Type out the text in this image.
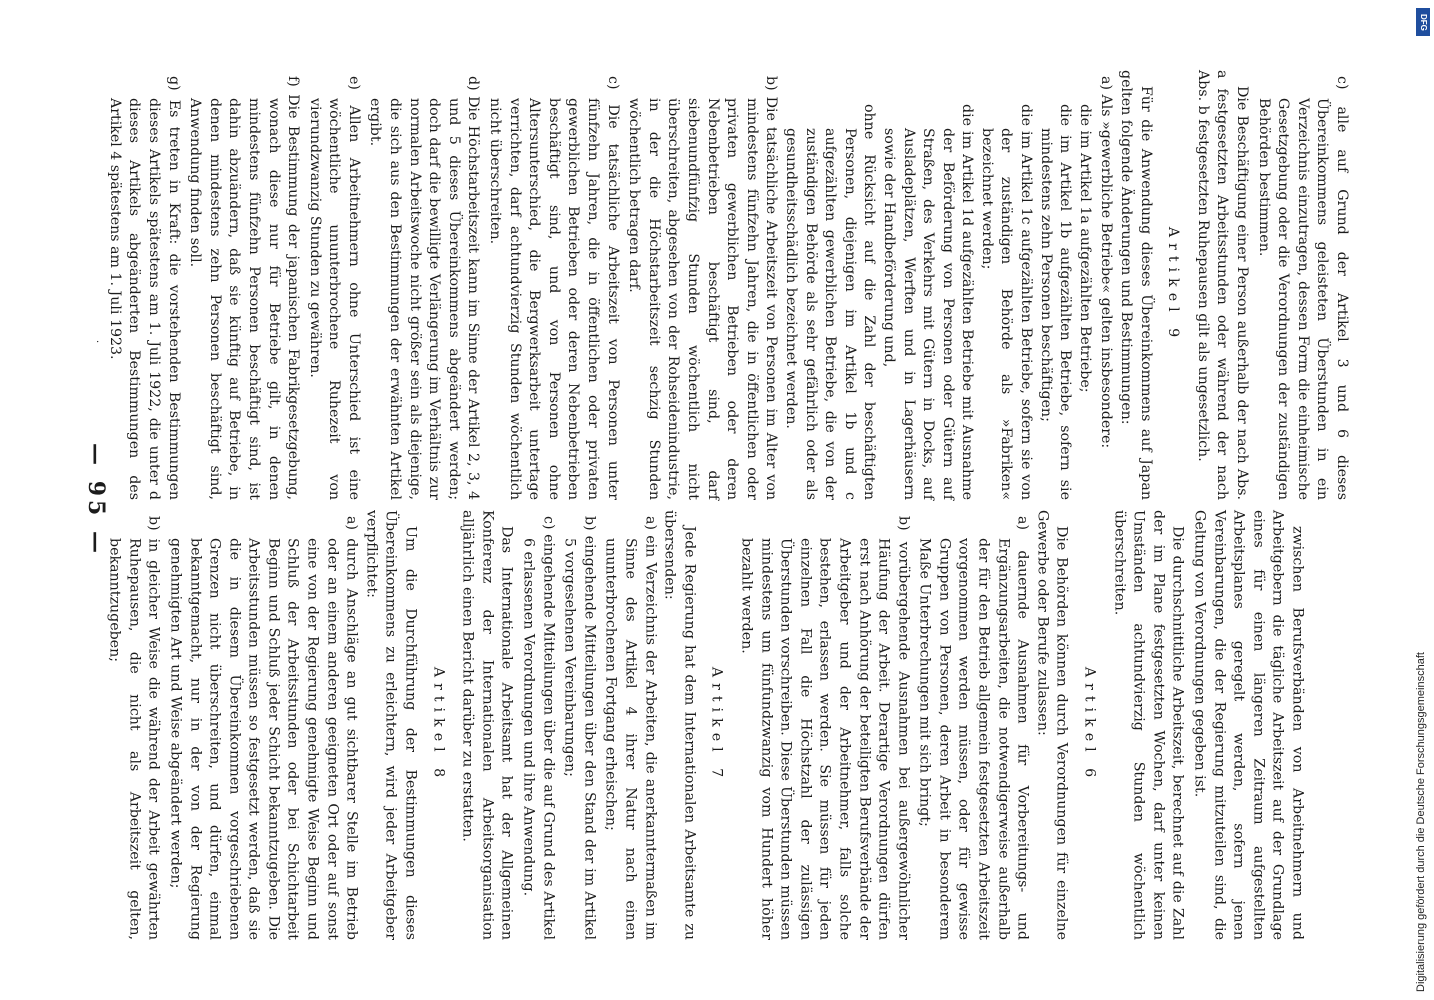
— 95 —
·

zwischen Berufsverbänden von Arbeitnehmern und Arbeitgebern die tägliche Arbeitszeit auf der Grundlage eines für einen längeren Zeitraum aufgestellten Arbeitsplanes geregelt werden, sofern jenen Vereinbarungen, die der Regierung mitzuteilen sind, die Geltung von Verordnungen gegeben ist.

Die durchschnittliche Arbeitszeit, berechnet auf die Zahl der im Plane festgesetzten Wochen, darf unter keinen Umständen achtundvierzig Stunden wöchentlich überschreiten.

Artikel 6

Die Behörden können durch Verordnungen für einzelne Gewerbe oder Berufe zulassen:

a) dauernde Ausnahmen für Vorbereitungs- und Ergänzungsarbeiten, die notwendigerweise außerhalb der für den Betrieb allgemein festgesetzten Arbeitszeit vorgenommen werden müssen, oder für gewisse Gruppen von Personen, deren Arbeit in besonderem Maße Unterbrechungen mit sich bringt;
b) vorübergehende Ausnahmen bei außergewöhnlicher Häufung der Arbeit. Derartige Verordnungen dürfen erst nach Anhörung der beteiligten Berufsverbände der Arbeitgeber und der Arbeitnehmer, falls solche bestehen, erlassen werden. Sie müssen für jeden einzelnen Fall die Höchstzahl der zulässigen Überstunden vorschreiben. Diese Überstunden müssen mindestens um fünfundzwanzig vom Hundert höher bezahlt werden.
Artikel 7

Jede Regierung hat dem Internationalen Arbeitsamte zu übersenden:

a) ein Verzeichnis der Arbeiten, die anerkanntermaßen im Sinne des Artikel 4 ihrer Natur nach einen ununterbrochenen Fortgang erheischen;
b) eingehende Mitteilungen über den Stand der im Artikel 5 vorgesehenen Vereinbarungen;
c) eingehende Mitteilungen über die auf Grund des Artikel 6 erlassenen Verordnungen und ihre Anwendung.

Das Internationale Arbeitsamt hat der Allgemeinen Konferenz der Internationalen Arbeitsorganisation alljährlich einen Bericht darüber zu erstatten.

Artikel 8

Um die Durchführung der Bestimmungen dieses Übereinkommens zu erleichtern, wird jeder Arbeitgeber verpflichtet:

a) durch Anschläge an gut sichtbarer Stelle im Betrieb oder an einem anderen geeigneten Ort oder auf sonst eine von der Regierung genehmigte Weise Beginn und Schluß der Arbeitsstunden oder bei Schichtarbeit Beginn und Schluß jeder Schicht bekanntzugeben. Die Arbeitsstunden müssen so festgesetzt werden, daß sie die in diesem Übereinkommen vorgeschriebenen Grenzen nicht überschreiten, und dürfen, einmal bekanntgemacht, nur in der von der Regierung genehmigten Art und Weise abgeändert werden;
b) in gleicher Weise die während der Arbeit gewährten Ruhepausen, die nicht als Arbeitszeit gelten, bekanntzugeben;
c) alle auf Grund der Artikel 3 und 6 dieses Übereinkommens geleisteten Überstunden in ein Verzeichnis einzutragen, dessen Form die einheimische Gesetzgebung oder die Verordnungen der zuständigen Behörden bestimmen.

Die Beschäftigung einer Person außerhalb der nach Abs. a festgesetzten Arbeitsstunden oder während der nach Abs. b festgesetzten Ruhepausen gilt als ungesetzlich.

Artikel 9

Für die Anwendung dieses Übereinkommens auf Japan gelten folgende Änderungen und Bestimmungen:

a) Als »gewerbliche Betriebe« gelten insbesondere:
die im Artikel 1a aufgezählten Betriebe;
die im Artikel 1b aufgezählten Betriebe, sofern sie mindestens zehn Personen beschäftigen;
die im Artikel 1c aufgezählten Betriebe, sofern sie von der zuständigen Behörde als »Fabriken« bezeichnet werden;
die im Artikel 1d aufgezählten Betriebe mit Ausnahme der Beförderung von Personen oder Gütern auf Straßen, des Verkehrs mit Gütern in Docks, auf Ausladeplätzen, Werften und in Lagerhäusern sowie der Handbeförderung und,
ohne Rücksicht auf die Zahl der beschäftigten Personen, diejenigen im Artikel 1b und c aufgezählten gewerblichen Betriebe, die von der zuständigen Behörde als sehr gefährlich oder als gesundheitsschädlich bezeichnet werden.
b) Die tatsächliche Arbeitszeit von Personen im Alter von mindestens fünfzehn Jahren, die in öffentlichen oder privaten gewerblichen Betrieben oder deren Nebenbetrieben beschäftigt sind, darf siebenundfünfzig Stunden wöchentlich nicht überschreiten, abgesehen von der Rohseidenindustrie, in der die Höchstarbeitszeit sechzig Stunden wöchentlich betragen darf.
c) Die tatsächliche Arbeitszeit von Personen unter fünfzehn Jahren, die in öffentlichen oder privaten gewerblichen Betrieben oder deren Nebenbetrieben beschäftigt sind, und von Personen ohne Altersunterschied, die Bergwerksarbeit untertage verrichten, darf achtundvierzig Stunden wöchentlich nicht überschreiten.
d) Die Höchstarbeitszeit kann im Sinne der Artikel 2, 3, 4 und 5 dieses Übereinkommens abgeändert werden; doch darf die bewilligte Verlängerung im Verhältnis zur normalen Arbeitswoche nicht größer sein als diejenige, die sich aus den Bestimmungen der erwähnten Artikel ergibt.
e) Allen Arbeitnehmern ohne Unterschied ist eine wöchentliche ununterbrochene Ruhezeit von vierundzwanzig Stunden zu gewähren.
f) Die Bestimmung der japanischen Fabrikgesetzgebung, wonach diese nur für Betriebe gilt, in denen mindestens fünfzehn Personen beschäftigt sind, ist dahin abzuändern, daß sie künftig auf Betriebe, in denen mindestens zehn Personen beschäftigt sind, Anwendung finden soll.
g) Es treten in Kraft: die vorstehenden Bestimmungen dieses Artikels spätestens am 1. Juli 1922, die unter d dieses Artikels abgeänderten Bestimmungen des Artikel 4 spätestens am 1. Juli 1923.
Digitalisierung gefördert durch die Deutsche Forschungsgemeinschaft
DFG
